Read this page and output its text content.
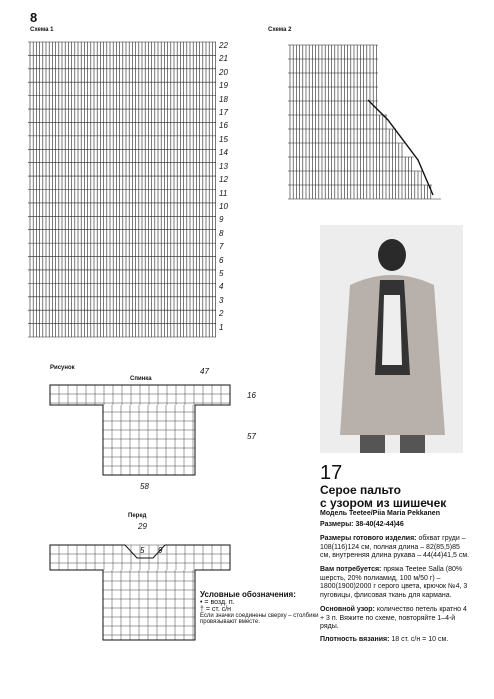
8
Схема 1
22
21
20
19
18
17
16
15
14
13
12
11
10
9
8
7
6
5
4
3
2
1
Схема 2
Рисунок
Спинка
47
16
57
58
Перед
29
5 9
Условные обозначения:
• = возд. п.
† = ст. с/н
Если значки соединены сверху – столбики провязывают вместе.
17
Серое пальто
с узором из шишечек
Модель Teetee/Piia Maria Pekkanen
Размеры: 38-40(42-44)46
Размеры готового изделия: обхват груди – 108(116)124 см, полная длина – 82(85,5)85 см, внутренняя длина рукава – 44(44)41,5 см.
Вам потребуется: пряжа Teetee Salla (80% шерсть, 20% полиамид, 100 м/50 г) – 1800(1900)2000 г серого цвета, крючок №4, 3 пуговицы, флисовая ткань для кармана.
Основной узор: количество петель кратно 4 + 3 п. Вяжите по схеме, повторяйте 1–4-й ряды.
Плотность вязания: 18 ст. с/н = 10 см.
